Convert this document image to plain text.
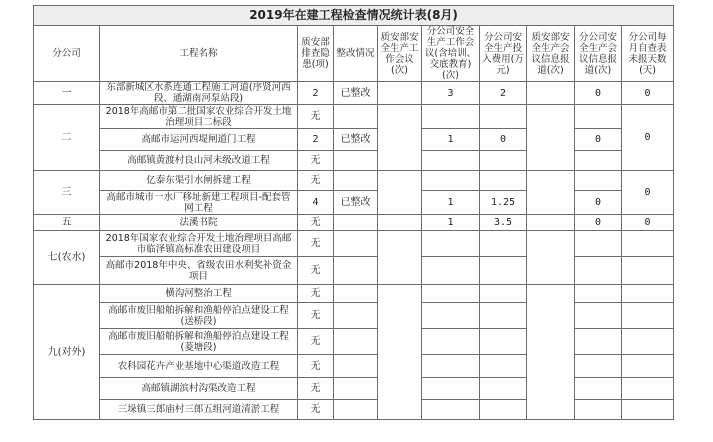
2019年在建工程检查情况统计表(8月)									
分公司	工程名称	质安部排查隐患(项)	整改情况	质安部安全生产工作会议(次)	分公司安全生产工作会议(含培训、交底教育)(次)	分公司安全生产投入费用(万元)	质安部安全生产会议信息报道(次)	分公司安全生产会议信息报道(次)	分公司每月自查表未报天数(天)
一	东部新城区水系连通工程施工河道(序贤河西段、通湖南河泵站段)	2	已整改		3	2		0	0
二	2018年高邮市第二批国家农业综合开发土地治理项目二标段	无							0
	高邮市运河西堤闸道门工程	2	已整改		1	0		0	
	高邮镇黄渡村良山河未级改道工程	无							
三	亿泰东渠引水闸拆建工程	无							0
	高邮市城市一水厂移址新建工程项目-配套管网工程	4	已整改		1	1.25		0	
五	法溪书院	无			1	3.5		0	0
七(农水)	2018年国家农业综合开发土地治理项目高邮市临泽镇高标准农田建设项目	无							
	高邮市2018年中央、省级农田水利奖补资金项目	无							
九(对外)	横沟河整治工程	无							
	高邮市废旧船舶拆解和渔船停泊点建设工程(送桥段)	无							
	高邮市废旧船舶拆解和渔船停泊点建设工程(菱塘段)	无							
	农科园花卉产业基地中心渠道改造工程	无							
	高邮镇湖滨村沟渠改造工程	无							
	三垛镇三郎庙村三郎五组河道清淤工程	无							
